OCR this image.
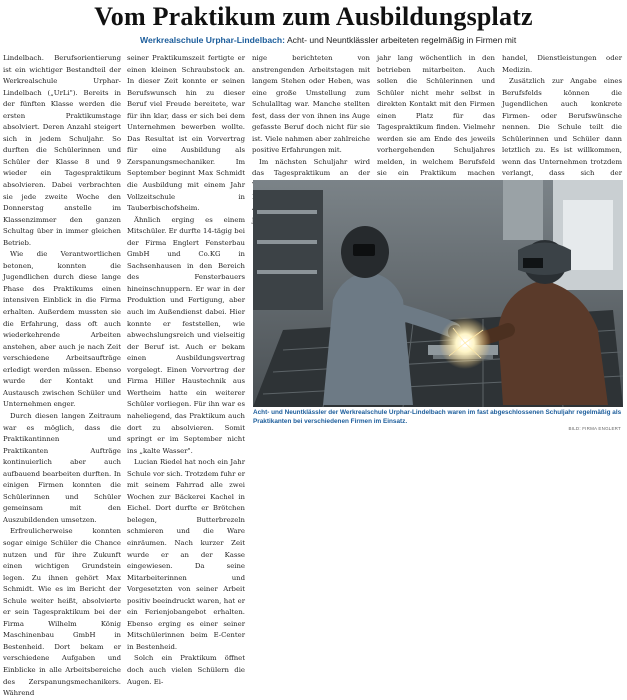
Vom Praktikum zum Ausbildungsplatz
Werkrealschule Urphar-Lindelbach: Acht- und Neuntklässler arbeiteten regelmäßig in Firmen mit

Lindelbach. Berufsorientierung ist ein wichtiger Bestandteil der Werkrealschule Urphar-Lindelbach („UrLi"). Bereits in der fünften Klasse werden die ersten Praktikumstage absolviert. Deren Anzahl steigert sich in jedem Schuljahr. So durften die Schülerinnen und Schüler der Klasse 8 und 9 wieder ein Tagespraktikum absolvieren. Dabei verbrachten sie jede zweite Woche den Donnerstag anstelle im Klassenzimmer den ganzen Schultag über in immer gleichen Betrieb.

Wie die Verantwortlichen betonen, konnten die Jugendlichen durch diese lange Phase des Praktikums einen intensiven Einblick in die Firma erhalten. Außerdem mussten sie die Erfahrung, dass oft auch wiederkehrende Arbeiten anstehen, aber auch je nach Zeit verschiedene Arbeitsaufträge erledigt werden müssen. Ebenso wurde der Kontakt und Austausch zwischen Schüler und Unternehmen enger.

Durch diesen langen Zeitraum war es möglich, dass die Praktikantinnen und Praktikanten Aufträge kontinuierlich aber auch aufbauend bearbeiten durften. In einigen Firmen konnten die Schülerinnen und Schüler gemeinsam mit den Auszubildenden umsetzen.

Erfreulicherweise konnten sogar einige Schüler die Chance nutzen und für ihre Zukunft einen wichtigen Grundstein legen. Zu ihnen gehört Max Schmidt. Wie es im Bericht der Schule weiter heißt, absolvierte er sein Tagespraktikum bei der Firma Wilhelm König Maschinenbau GmbH in Bestenheid. Dort bekam er verschiedene Aufgaben und Einblicke in alle Arbeitsbereiche des Zerspanungsmechanikers. Während

seiner Praktikumszeit fertigte er einen kleinen Schraubstock an. In dieser Zeit konnte er seinen Berufswunsch hin zu dieser Beruf viel Freude bereitete, war für ihn klar, dass er sich bei dem Unternehmen bewerben wollte. Das Resultat ist ein Vorvertrag für eine Ausbildung als Zerspanungsmechaniker. Im September beginnt Max Schmidt die Ausbildung mit einem Jahr Vollzeitschule in Tauberbischofsheim.

Ähnlich erging es einem Mitschüler. Er durfte 14-tägig bei der Firma Englert Fensterbau GmbH und Co.KG in Sachsenhausen in den Bereich des Fensterbauers hineinschnuppern. Er war in der Produktion und Fertigung, aber auch im Außendienst dabei. Hier konnte er feststellen, wie abwechslungsreich und vielseitig der Beruf ist. Auch er bekam einen Ausbildungsvertrag vorgelegt. Einen Vorvertrag der Firma Hiller Haustechnik aus Wertheim hatte ein weiterer Schüler vorliegen. Für ihn war es naheliegend, das Praktikum auch dort zu absolvieren. Somit springt er im September nicht ins „kalte Wasser".

Lucian Riedel hat noch ein Jahr Schule vor sich. Trotzdem fuhr er mit seinem Fahrrad alle zwei Wochen zur Bäckerei Kachel in Eichel. Dort durfte er Brötchen belegen, Butterbrezeln schmieren und die Ware einräumen. Nach kurzer Zeit wurde er an der Kasse eingewiesen. Da seine Mitarbeiterinnen und Vorgesetzten von seiner Arbeit positiv beeindruckt waren, hat er ein Ferienjobangebot erhalten. Ebenso erging es einer seiner Mitschülerinnen beim E-Center in Bestenheid.

Solch ein Praktikum öffnet doch auch vielen Schülern die Augen. Ei-

nige berichteten von anstrengenden Arbeitstagen mit langem Stehen oder Heben, was eine große Umstellung zum Schulalltag war. Manche stellten fest, dass der von ihnen ins Auge gefasste Beruf doch nicht für sie ist. Viele nahmen aber zahlreiche positive Erfahrungen mit.

Im nächsten Schuljahr wird das Tagespraktikum an der

jahr lang wöchentlich in den betrieben mitarbeiten. Auch sollen die Schülerinnen und Schüler nicht mehr selbst in direkten Kontakt mit den Firmen einen Platz für das Tagespraktikum finden. Vielmehr werden sie am Ende des jeweils vorhergehenden Schuljahres melden, in welchem Berufsfeld sie ein Praktikum machen

handel, Dienstleistungen oder Medizin.

Zusätzlich zur Angabe eines Berufsfelds können die Jugendlichen auch konkrete Firmen- oder Berufswünsche nennen. Die Schule teilt die Schülerinnen und Schüler dann letztlich zu. Es ist willkommen, wenn das Unternehmen trotzdem verlangt, dass sich der

Acht- und Neuntklässler der Werkrealschule Urphar-Lindelbach waren im fast abgeschlossenen Schuljahr regelmäßig als Praktikanten bei verschiedenen Firmen im Einsatz.
BILD: FIRMA ENGLERT
